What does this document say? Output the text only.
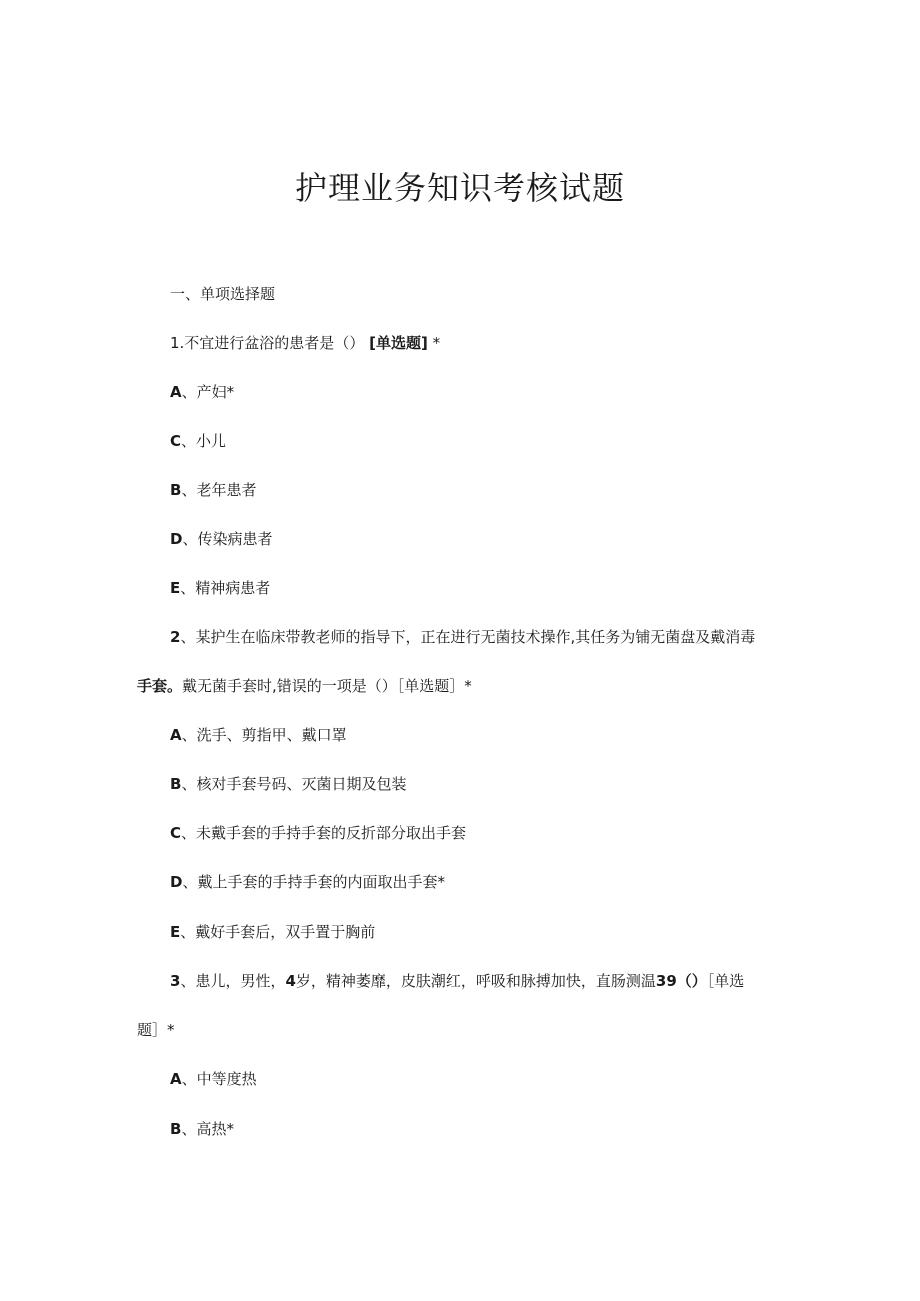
护理业务知识考核试题
一、单项选择题
1.不宜进行盆浴的患者是（） [单选题] *
A、产妇*
C、小儿
B、老年患者
D、传染病患者
E、精神病患者
2、某护生在临床带教老师的指导下，正在进行无菌技术操作,其任务为铺无菌盘及戴消毒
手套。戴无菌手套时,错误的一项是（）［单选题］*
A、洗手、剪指甲、戴口罩
B、核对手套号码、灭菌日期及包装
C、未戴手套的手持手套的反折部分取出手套
D、戴上手套的手持手套的内面取出手套*
E、戴好手套后，双手置于胸前
3、患儿，男性，4岁，精神萎靡，皮肤潮红，呼吸和脉搏加快，直肠测温39（）［单选
题］*
A、中等度热
B、高热*
